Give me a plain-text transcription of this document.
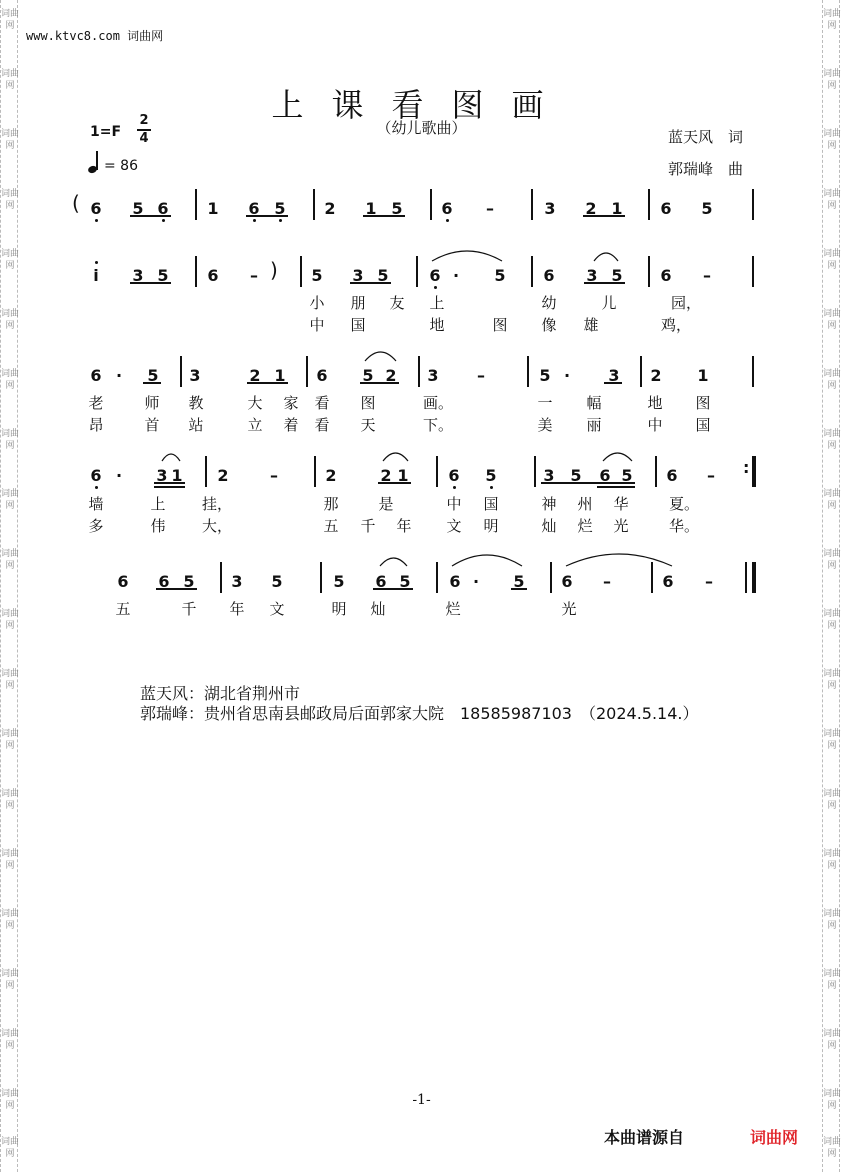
词曲网
词曲网
词曲网
词曲网
词曲网
词曲网
词曲网
词曲网
词曲网
词曲网
词曲网
词曲网
词曲网
词曲网
词曲网
词曲网
词曲网
词曲网
词曲网
词曲网
词曲网
词曲网
词曲网
词曲网
词曲网
词曲网
词曲网
词曲网
词曲网
词曲网
词曲网
词曲网
词曲网
词曲网
词曲网
词曲网
词曲网
词曲网
词曲网
词曲网
www.ktvc8.com 词曲网
上课看图画
（幼儿歌曲）
1=F
2
4	蓝天风　词
郭瑞峰　曲
= 86
( 6 5 6 1 6 5 2 1 5 6 –	3 2 1 6 5
i 3 5 6 –	5 3 5	6 · 5 6 3 5 6 –
)
小 朋 友 上	幼	儿	园，
中 国	地	图 像 雄	鸡，
6 · 5 3	2 1 6 5 2 3 –	5 · 3 2 1
老	师 教	大 家 看 图	画。	一 幅	地 图
昂	首 站	立 着 看 天	下。	美 丽	中 国
6 · 3 1 2	–	2	2 1 6 5	3 5 6 5 6 – :
墙	上 挂，	那	是	中 国	神 州 华	夏。
多	伟 大，	五 千 年 文 明	灿 烂 光	华。
6 6 5 3 5	5 6 5 6 · 5 6 –	6 –
五	千 年 文	明 灿	烂	光
蓝天风：湖北省荆州市
郭瑞峰：贵州省思南县邮政局后面郭家大院　18585987103　（2024.5.14.）
-1-
本曲谱源自	词曲网
